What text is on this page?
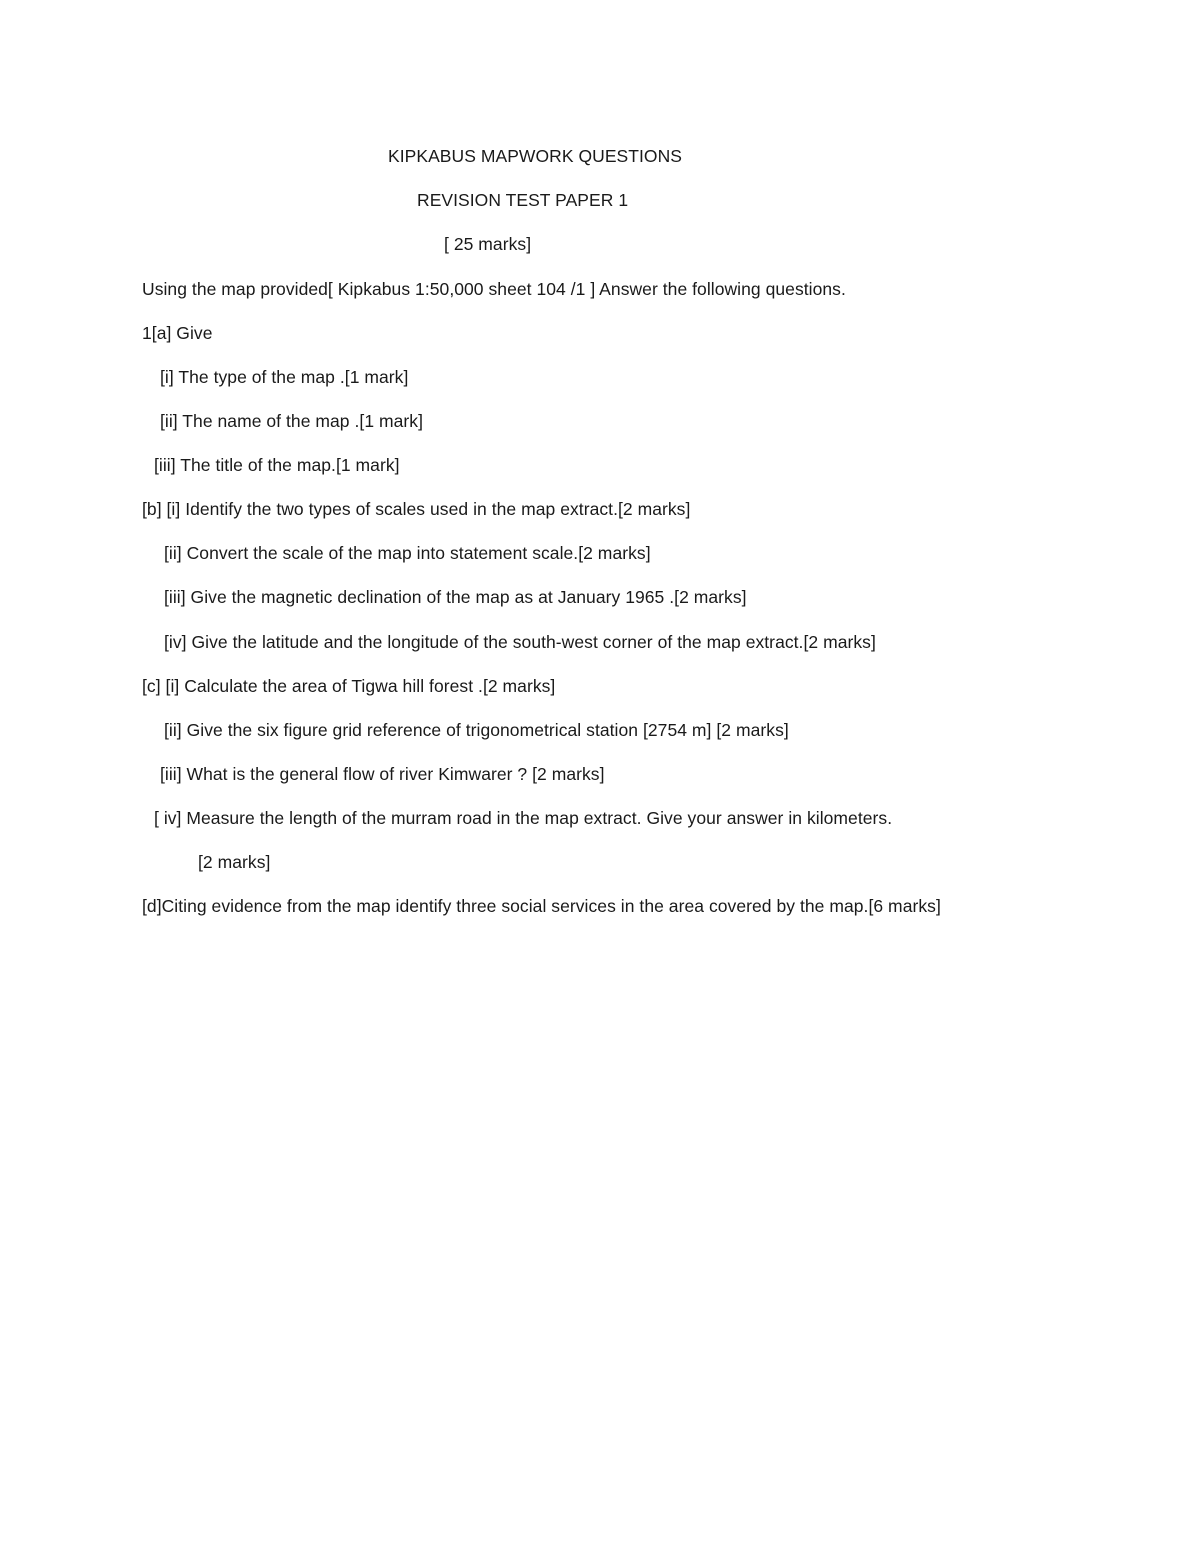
KIPKABUS MAPWORK QUESTIONS
REVISION TEST PAPER 1
[ 25 marks]
Using the map provided[ Kipkabus 1:50,000 sheet 104 /1 ] Answer the following questions.
1[a] Give
[i] The type of the map .[1 mark]
[ii] The name of the map .[1 mark]
[iii] The title of the map.[1 mark]
[b] [i] Identify the two types of scales used in the map extract.[2 marks]
[ii] Convert the scale of the map into statement scale.[2 marks]
[iii] Give the magnetic declination of the map as at January 1965 .[2 marks]
[iv] Give the latitude and the longitude of the south-west corner of the map extract.[2 marks]
[c] [i] Calculate the area of Tigwa hill forest .[2 marks]
[ii] Give the six figure grid reference of trigonometrical station [2754 m] [2 marks]
[iii] What is the general flow of river Kimwarer ? [2 marks]
[ iv] Measure the length of the murram road in the map extract. Give your answer in kilometers.
[2 marks]
[d]Citing evidence from the map identify three social services in the area covered by the map.[6 marks]
